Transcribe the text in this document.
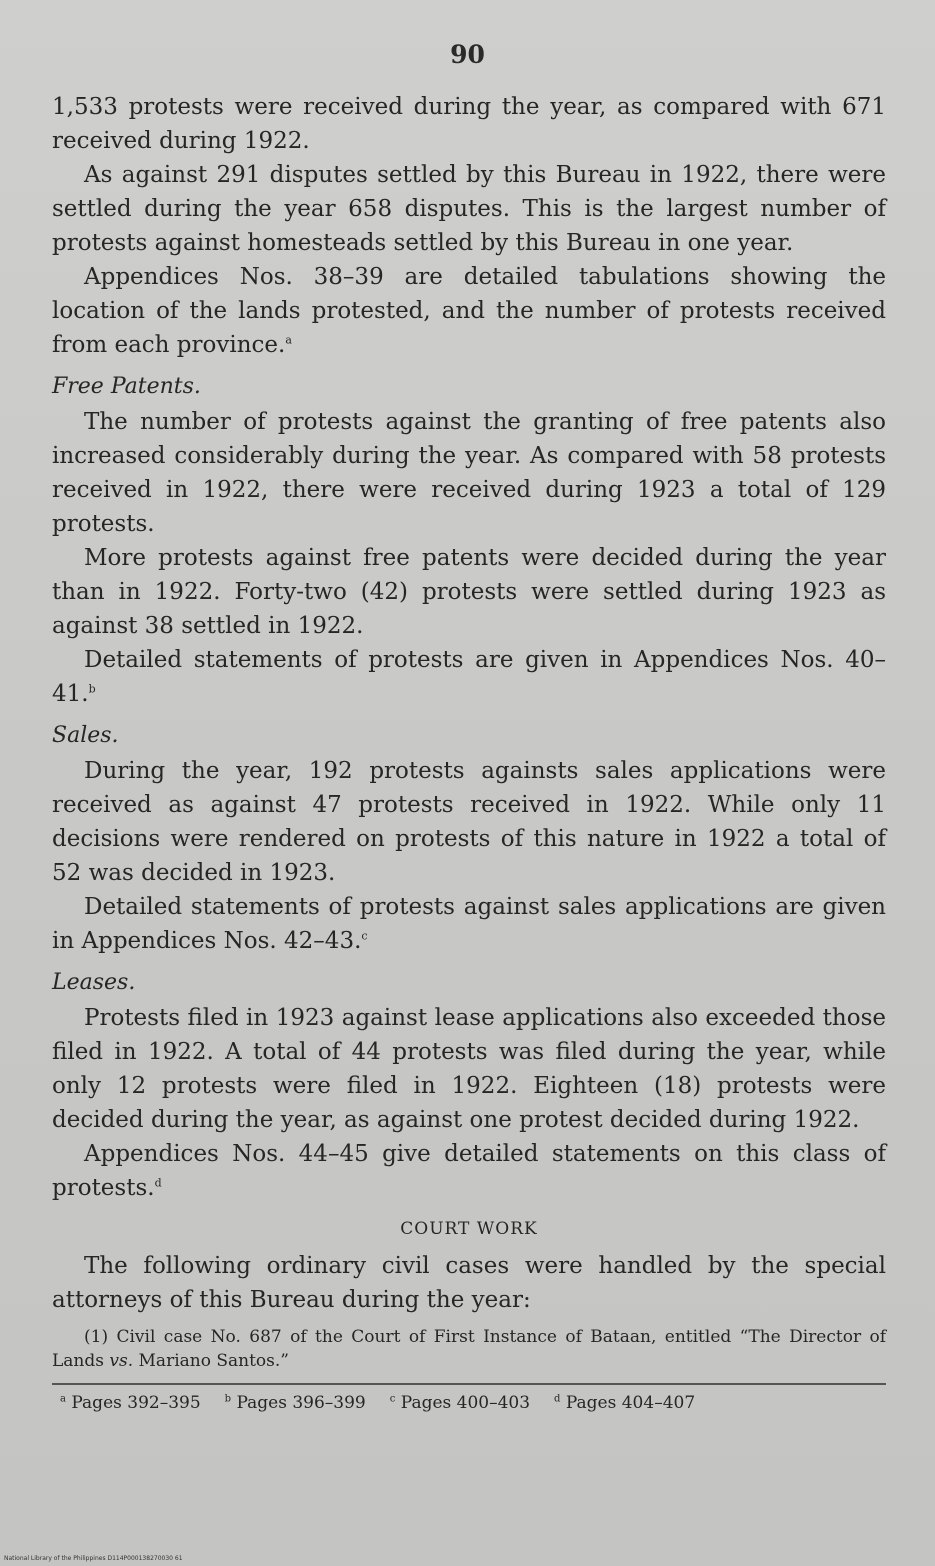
90

1,533 protests were received during the year, as compared with 671 received during 1922.

As against 291 disputes settled by this Bureau in 1922, there were settled during the year 658 disputes. This is the largest number of protests against homesteads settled by this Bureau in one year.

Appendices Nos. 38–39 are detailed tabulations showing the location of the lands protested, and the number of protests received from each province.$^a$

Free Patents.

The number of protests against the granting of free patents also increased considerably during the year. As compared with 58 protests received in 1922, there were received during 1923 a total of 129 protests.

More protests against free patents were decided during the year than in 1922. Forty-two (42) protests were settled during 1923 as against 38 settled in 1922.

Detailed statements of protests are given in Appendices Nos. 40–41.$^b$

Sales.

During the year, 192 protests againsts sales applications were received as against 47 protests received in 1922. While only 11 decisions were rendered on protests of this nature in 1922 a total of 52 was decided in 1923.

Detailed statements of protests against sales applications are given in Appendices Nos. 42–43.$^c$

Leases.

Protests filed in 1923 against lease applications also exceeded those filed in 1922. A total of 44 protests was filed during the year, while only 12 protests were filed in 1922. Eighteen (18) protests were decided during the year, as against one protest decided during 1922.

Appendices Nos. 44–45 give detailed statements on this class of protests.$^d$

COURT WORK

The following ordinary civil cases were handled by the special attorneys of this Bureau during the year:

(1) Civil case No. 687 of the Court of First Instance of Bataan, entitled “The Director of Lands vs. Mariano Santos.”

$^a$ Pages 392–395 $^b$ Pages 396–399 $^c$ Pages 400–403 $^d$ Pages 404–407
National Library of the Philippines D114P000138270030 61
